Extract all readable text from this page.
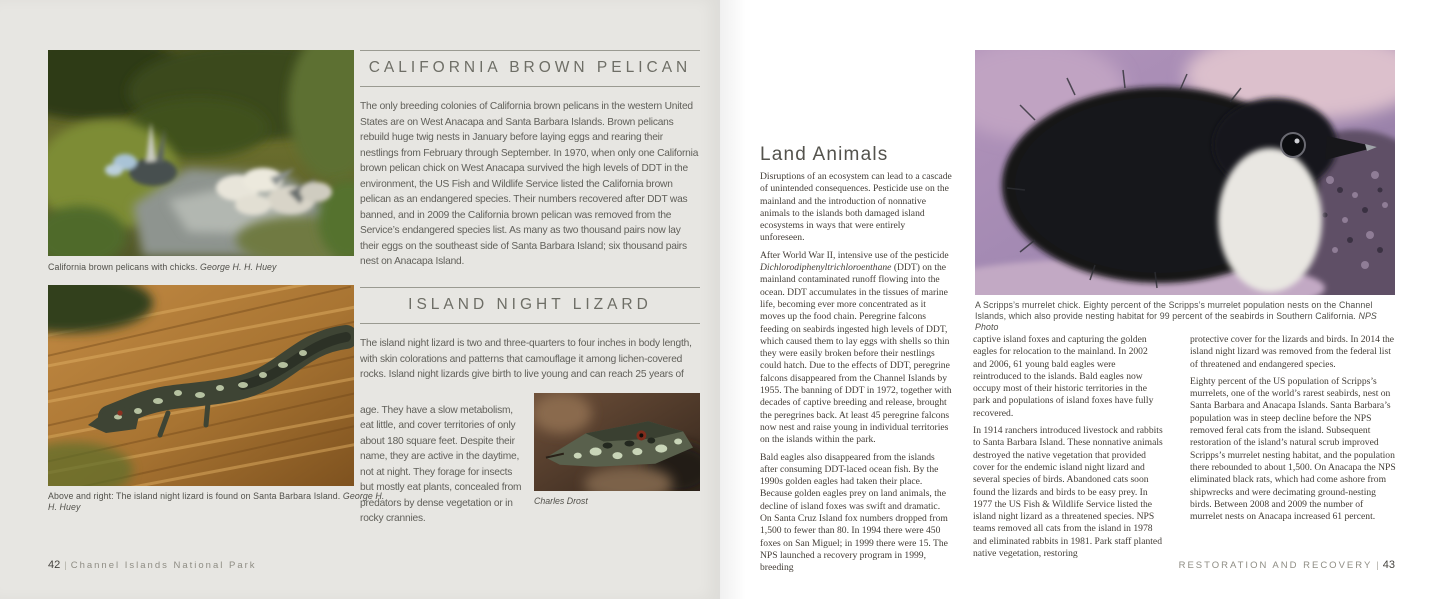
California brown pelicans with chicks. George H. H. Huey
Above and right: The island night lizard is found on Santa Barbara Island. George H. H. Huey
CALIFORNIA BROWN PELICAN

The only breeding colonies of California brown pelicans in the western United States are on West Anacapa and Santa Barbara Islands. Brown pelicans rebuild huge twig nests in January before laying eggs and rearing their nestlings from February through September. In 1970, when only one California brown pelican chick on West Anacapa survived the high levels of DDT in the environment, the US Fish and Wildlife Service listed the California brown pelican as an endangered species. Their numbers recovered after DDT was banned, and in 2009 the California brown pelican was removed from the Service’s endangered species list. As many as two thousand pairs now lay their eggs on the southeast side of Santa Barbara Island; six thousand pairs nest on Anacapa Island.

ISLAND NIGHT LIZARD

The island night lizard is two and three-quarters to four inches in body length, with skin colorations and patterns that camouflage it among lichen-covered rocks. Island night lizards give birth to live young and can reach 25 years of

age. They have a slow metabolism, eat little, and cover territories of only about 180 square feet. Despite their name, they are active in the daytime, not at night. They forage for insects but mostly eat plants, concealed from predators by dense vegetation or in rocky crannies.

Charles Drost
42 | Channel Islands National Park
A Scripps’s murrelet chick. Eighty percent of the Scripps’s murrelet population nests on the Channel Islands, which also provide nesting habitat for 99 percent of the seabirds in Southern California. NPS Photo
Land Animals

Disruptions of an ecosystem can lead to a cascade of unintended consequences. Pesticide use on the mainland and the introduction of nonnative animals to the islands both damaged island ecosystems in ways that were entirely unforeseen.

After World War II, intensive use of the pesticide Dichlorodiphenyltrichloroenthane (DDT) on the mainland contaminated runoff flowing into the ocean. DDT accumulates in the tissues of marine life, becoming ever more concentrated as it moves up the food chain. Peregrine falcons feeding on seabirds ingested high levels of DDT, which caused them to lay eggs with shells so thin they were easily broken before their nestlings could hatch. Due to the effects of DDT, peregrine falcons disappeared from the Channel Islands by 1955. The banning of DDT in 1972, together with decades of captive breeding and release, brought the peregrines back. At least 45 peregrine falcons now nest and raise young in individual territories on the islands within the park.

Bald eagles also disappeared from the islands after consuming DDT-laced ocean fish. By the 1990s golden eagles had taken their place. Because golden eagles prey on land animals, the decline of island foxes was swift and dramatic. On Santa Cruz Island fox numbers dropped from 1,500 to fewer than 80. In 1994 there were 450 foxes on San Miguel; in 1999 there were 15. The NPS launched a recovery program in 1999, breeding

captive island foxes and capturing the golden eagles for relocation to the mainland. In 2002 and 2006, 61 young bald eagles were reintroduced to the islands. Bald eagles now occupy most of their historic territories in the park and populations of island foxes have fully recovered.

In 1914 ranchers introduced livestock and rabbits to Santa Barbara Island. These nonnative animals destroyed the native vegetation that provided cover for the endemic island night lizard and several species of birds. Abandoned cats soon found the lizards and birds to be easy prey. In 1977 the US Fish & Wildlife Service listed the island night lizard as a threatened species. NPS teams removed all cats from the island in 1978 and eliminated rabbits in 1981. Park staff planted native vegetation, restoring

protective cover for the lizards and birds. In 2014 the island night lizard was removed from the federal list of threatened and endangered species.

Eighty percent of the US population of Scripps’s murrelets, one of the world’s rarest seabirds, nest on Santa Barbara and Anacapa Islands. Santa Barbara’s population was in steep decline before the NPS removed feral cats from the island. Subsequent restoration of the island’s natural scrub improved Scripps’s murrelet nesting habitat, and the population there rebounded to about 1,500. On Anacapa the NPS eliminated black rats, which had come ashore from shipwrecks and were decimating ground-nesting birds. Between 2008 and 2009 the number of murrelet nests on Anacapa increased 61 percent.

RESTORATION AND RECOVERY | 43
